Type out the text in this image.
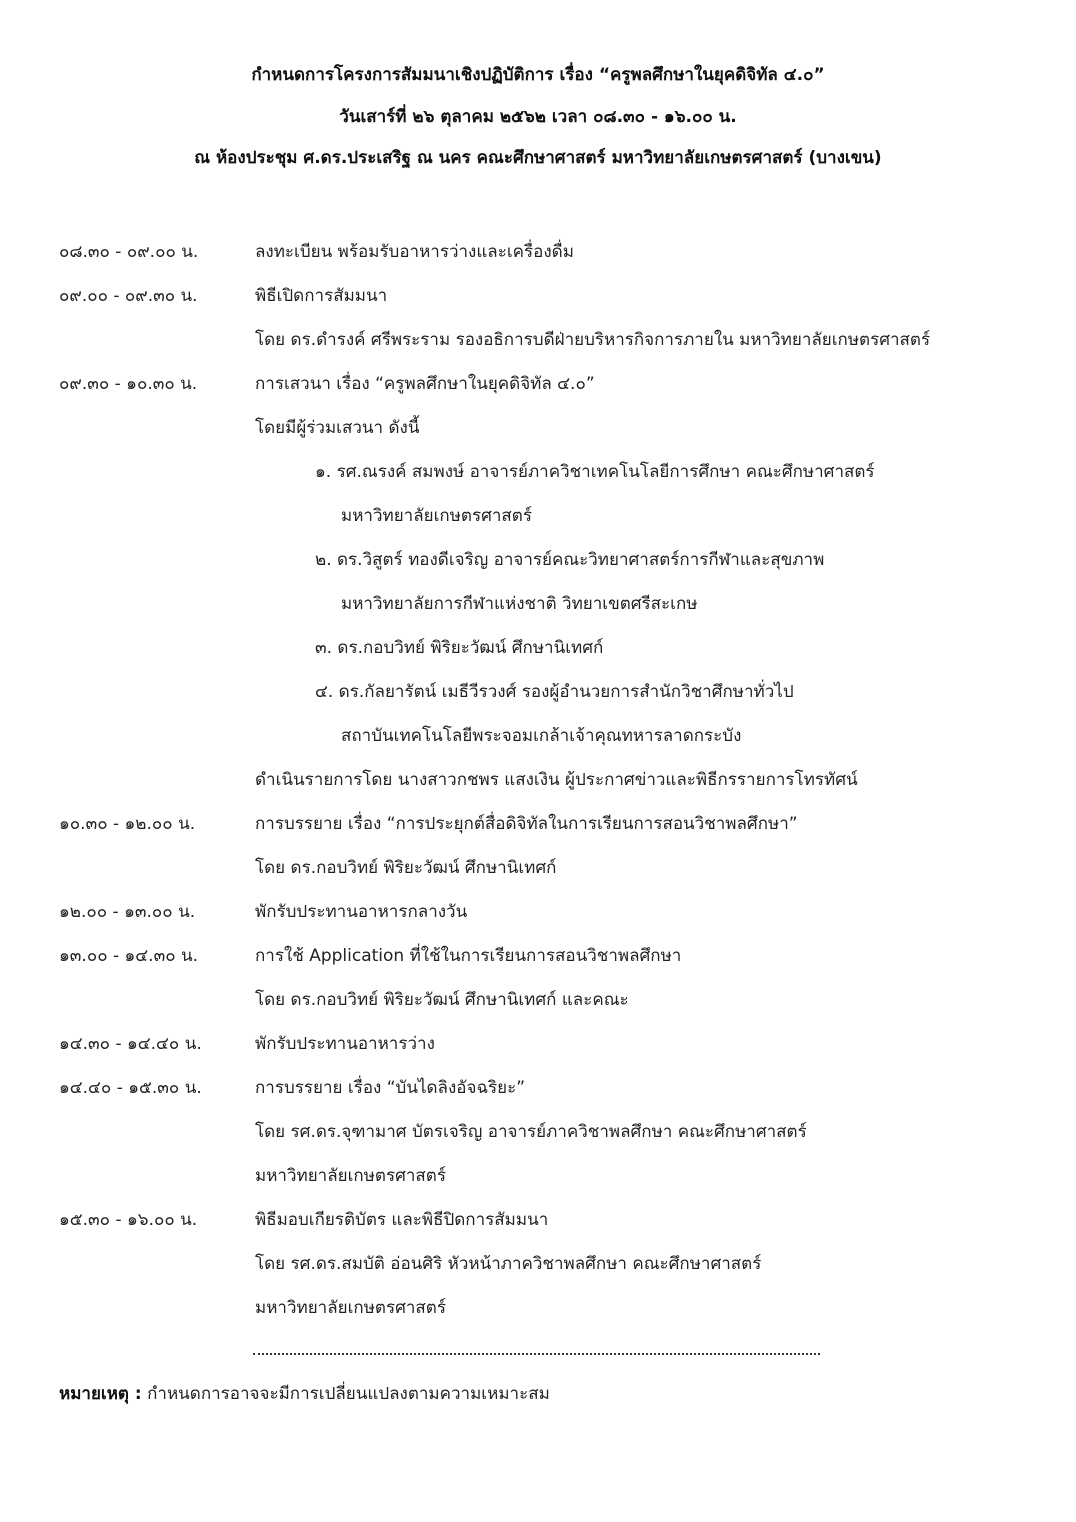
กำหนดการโครงการสัมมนาเชิงปฏิบัติการ เรื่อง “ครูพลศึกษาในยุคดิจิทัล ๔.๐”
วันเสาร์ที่ ๒๖ ตุลาคม ๒๕๖๒ เวลา ๐๘.๓๐ - ๑๖.๐๐ น.
ณ ห้องประชุม ศ.ดร.ประเสริฐ ณ นคร คณะศึกษาศาสตร์ มหาวิทยาลัยเกษตรศาสตร์ (บางเขน)
๐๘.๓๐ - ๐๙.๐๐ น.	ลงทะเบียน พร้อมรับอาหารว่างและเครื่องดื่ม
๐๙.๐๐ - ๐๙.๓๐ น.	พิธีเปิดการสัมมนา
โดย ดร.ดำรงค์ ศรีพระราม รองอธิการบดีฝ่ายบริหารกิจการภายใน มหาวิทยาลัยเกษตรศาสตร์
๐๙.๓๐ - ๑๐.๓๐ น.	การเสวนา เรื่อง “ครูพลศึกษาในยุคดิจิทัล ๔.๐”
โดยมีผู้ร่วมเสวนา ดังนี้
๑. รศ.ณรงค์ สมพงษ์ อาจารย์ภาควิชาเทคโนโลยีการศึกษา คณะศึกษาศาสตร์
มหาวิทยาลัยเกษตรศาสตร์
๒. ดร.วิสูตร์ ทองดีเจริญ อาจารย์คณะวิทยาศาสตร์การกีฬาและสุขภาพ
มหาวิทยาลัยการกีฬาแห่งชาติ วิทยาเขตศรีสะเกษ
๓. ดร.กอบวิทย์ พิริยะวัฒน์ ศึกษานิเทศก์
๔. ดร.กัลยารัตน์ เมธีวีรวงศ์ รองผู้อำนวยการสำนักวิชาศึกษาทั่วไป
สถาบันเทคโนโลยีพระจอมเกล้าเจ้าคุณทหารลาดกระบัง
ดำเนินรายการโดย นางสาวกชพร แสงเงิน ผู้ประกาศข่าวและพิธีกรรายการโทรทัศน์
๑๐.๓๐ - ๑๒.๐๐ น.	การบรรยาย เรื่อง “การประยุกต์สื่อดิจิทัลในการเรียนการสอนวิชาพลศึกษา”
โดย ดร.กอบวิทย์ พิริยะวัฒน์ ศึกษานิเทศก์
๑๒.๐๐ - ๑๓.๐๐ น.	พักรับประทานอาหารกลางวัน
๑๓.๐๐ - ๑๔.๓๐ น.	การใช้ Application ที่ใช้ในการเรียนการสอนวิชาพลศึกษา
โดย ดร.กอบวิทย์ พิริยะวัฒน์ ศึกษานิเทศก์ และคณะ
๑๔.๓๐ - ๑๔.๔๐ น.	พักรับประทานอาหารว่าง
๑๔.๔๐ - ๑๕.๓๐ น.	การบรรยาย เรื่อง “บันไดลิงอัจฉริยะ”
โดย รศ.ดร.จุฑามาศ บัตรเจริญ อาจารย์ภาควิชาพลศึกษา คณะศึกษาศาสตร์
มหาวิทยาลัยเกษตรศาสตร์
๑๕.๓๐ - ๑๖.๐๐ น.	พิธีมอบเกียรติบัตร และพิธีปิดการสัมมนา
โดย รศ.ดร.สมบัติ อ่อนศิริ หัวหน้าภาควิชาพลศึกษา คณะศึกษาศาสตร์
มหาวิทยาลัยเกษตรศาสตร์
หมายเหตุ : กำหนดการอาจจะมีการเปลี่ยนแปลงตามความเหมาะสม
